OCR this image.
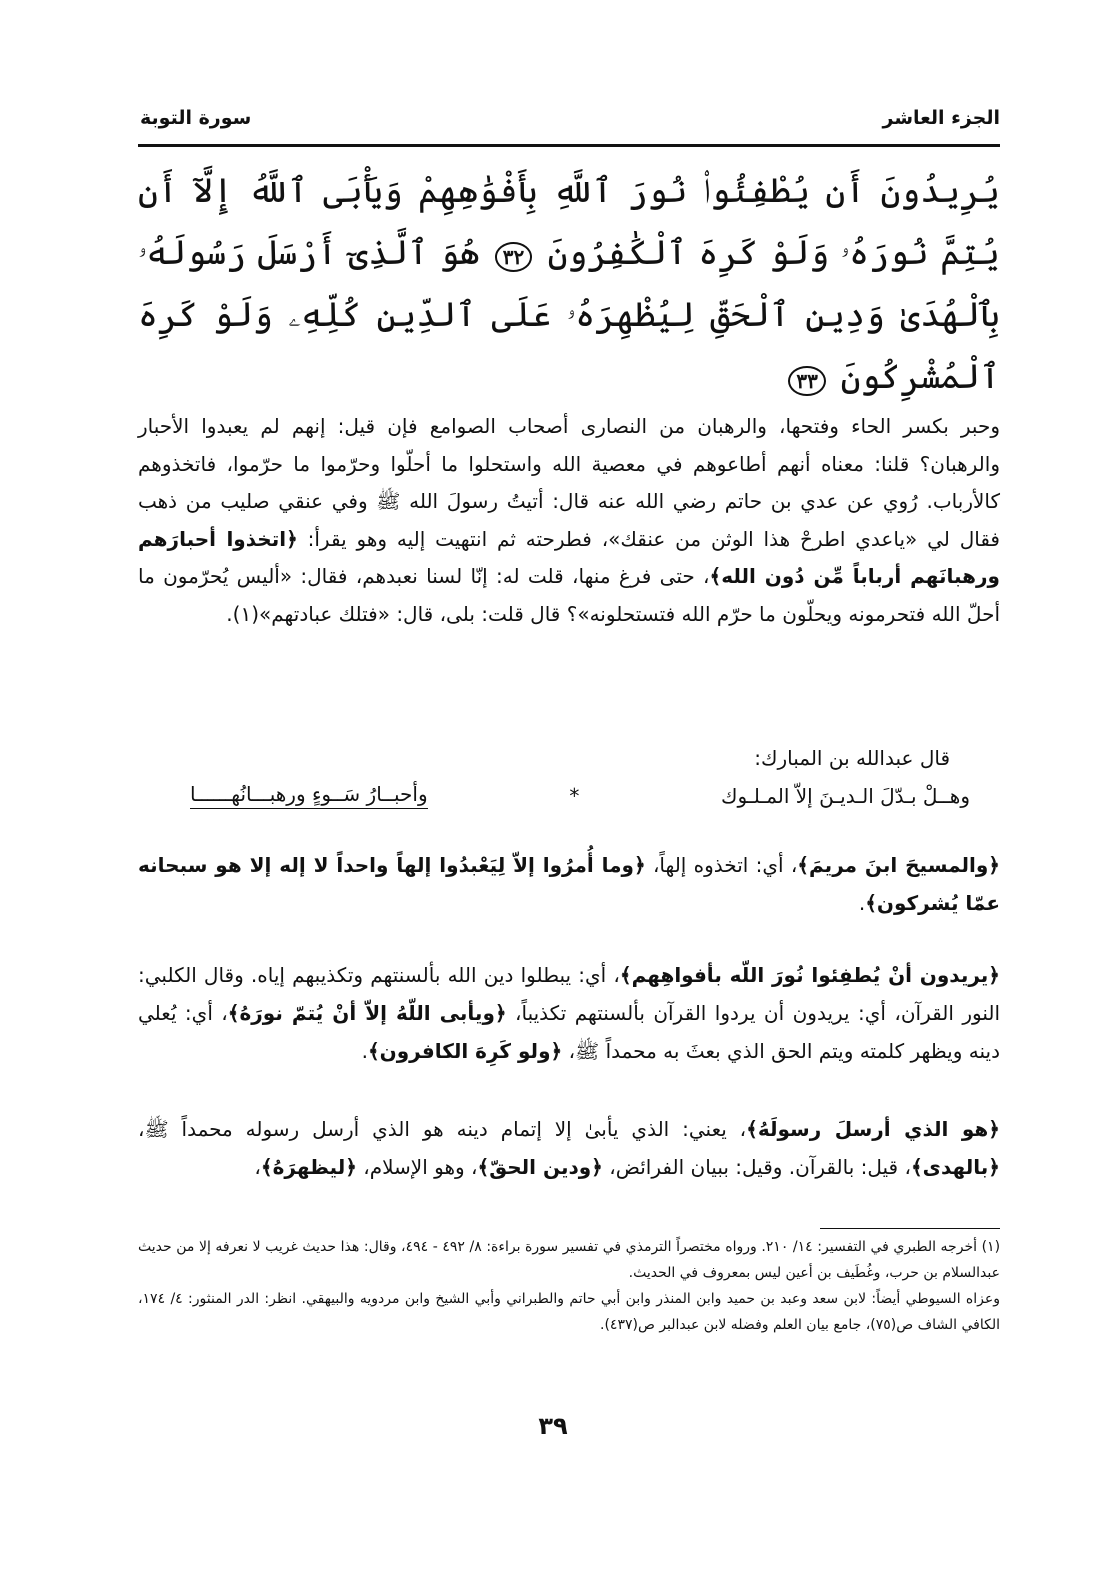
الجزء العاشر
سورة التوبة
يُرِيدُونَ أَن يُطْفِئُوا۟ نُورَ ٱللَّهِ بِأَفْوَٰهِهِمْ وَيَأْبَى ٱللَّهُ إِلَّآ أَن يُتِمَّ نُورَهُۥ وَلَوْ كَرِهَ ٱلْكَٰفِرُونَ ٣٢ هُوَ ٱلَّذِىٓ أَرْسَلَ رَسُولَهُۥ بِٱلْهُدَىٰ وَدِينِ ٱلْحَقِّ لِيُظْهِرَهُۥ عَلَى ٱلدِّينِ كُلِّهِۦ وَلَوْ كَرِهَ ٱلْمُشْرِكُونَ ٣٣

وحبر بكسر الحاء وفتحها، والرهبان من النصارى أصحاب الصوامع فإن قيل: إنهم لم يعبدوا الأحبار والرهبان؟ قلنا: معناه أنهم أطاعوهم في معصية الله واستحلوا ما أحلّوا وحرّموا ما حرّموا، فاتخذوهم كالأرباب. رُوي عن عدي بن حاتم رضي الله عنه قال: أتيتُ رسولَ الله ﷺ وفي عنقي صليب من ذهب فقال لي «ياعدي اطرحْ هذا الوثن من عنقك»، فطرحته ثم انتهيت إليه وهو يقرأ: ﴿اتخذوا أحبارَهم ورهبانَهم أرباباً مِّن دُون الله﴾، حتى فرغ منها، قلت له: إنّا لسنا نعبدهم، فقال: «أليس يُحرّمون ما أحلّ الله فتحرمونه ويحلّون ما حرّم الله فتستحلونه»؟ قال قلت: بلى، قال: «فتلك عبادتهم»(١).

قال عبدالله بن المبارك:
وهــلْ بـدّلَ الـديـنَ إلاّ المـلـوك
*
وأحبــارُ سَــوءٍ ورهبـــانُهــــــا
﴿والمسيحَ ابنَ مريمَ﴾، أي: اتخذوه إلهاً، ﴿وما أُمرُوا إلاّ لِيَعْبدُوا إلهاً واحداً لا إله إلا هو سبحانه عمّا يُشركون﴾.
﴿يريدون أنْ يُطفِئوا نُورَ اللّه بأفواهِهم﴾، أي: يبطلوا دين الله بألسنتهم وتكذيبهم إياه. وقال الكلبي: النور القرآن، أي: يريدون أن يردوا القرآن بألسنتهم تكذيباً، ﴿ويأبى اللّهُ إلاّ أنْ يُتمّ نورَهُ﴾، أي: يُعلي دينه ويظهر كلمته ويتم الحق الذي بعثَ به محمداً ﷺ، ﴿ولو كَرِهَ الكافرون﴾.
﴿هو الذي أرسلَ رسولَهُ﴾، يعني: الذي يأبىٰ إلا إتمام دينه هو الذي أرسل رسوله محمداً ﷺ، ﴿بالهدى﴾، قيل: بالقرآن. وقيل: ببيان الفرائض، ﴿ودين الحقّ﴾، وهو الإسلام، ﴿ليظهرَهُ﴾،

(١) أخرجه الطبري في التفسير: ١٤/ ٢١٠. ورواه مختصراً الترمذي في تفسير سورة براءة: ٨/ ٤٩٢ - ٤٩٤، وقال: هذا حديث غريب لا نعرفه إلا من حديث عبدالسلام بن حرب، وغُطَيف بن أعين ليس بمعروف في الحديث.

وعزاه السيوطي أيضاً: لابن سعد وعبد بن حميد وابن المنذر وابن أبي حاتم والطبراني وأبي الشيخ وابن مردويه والبيهقي. انظر: الدر المنثور: ٤/ ١٧٤، الكافي الشاف ص(٧٥)، جامع بيان العلم وفضله لابن عبدالبر ص(٤٣٧).

٣٩
